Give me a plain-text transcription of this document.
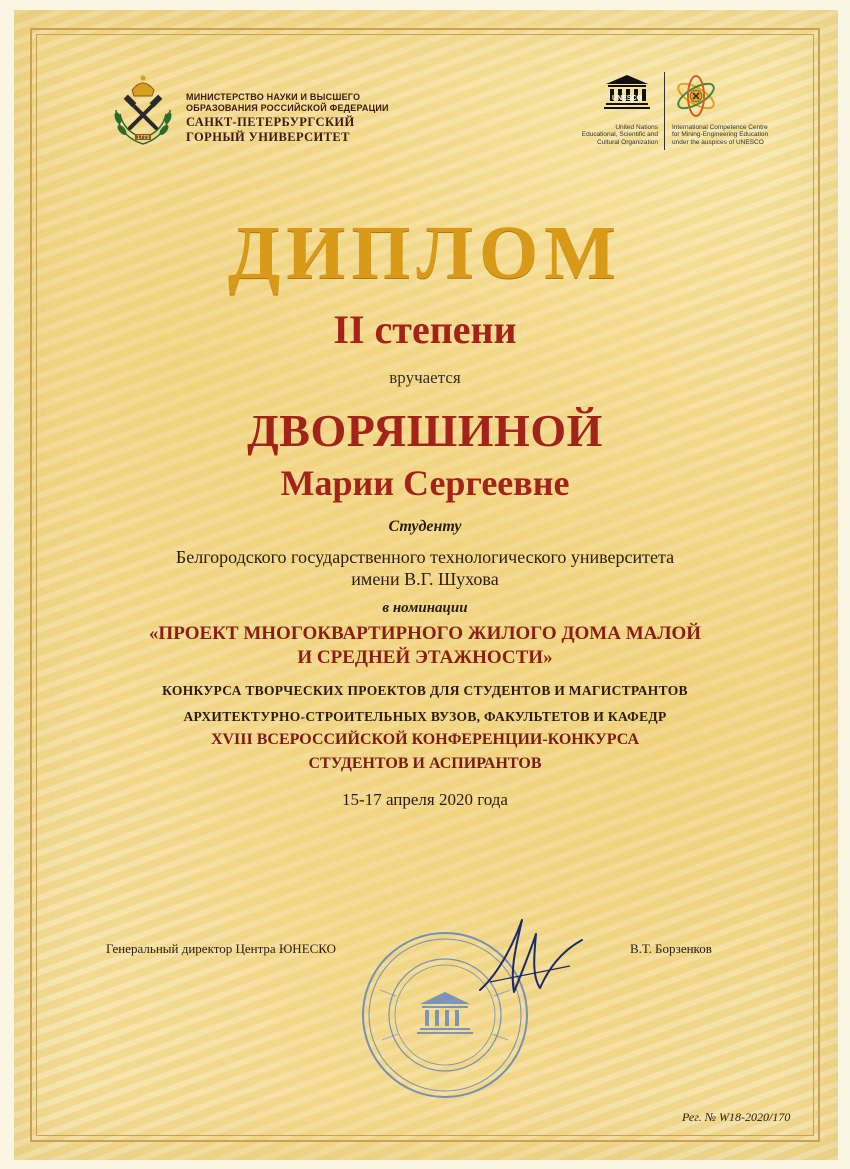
1773
МИНИСТЕРСТВО НАУКИ И ВЫСШЕГО
ОБРАЗОВАНИЯ РОССИЙСКОЙ ФЕДЕРАЦИИ
САНКТ-ПЕТЕРБУРГСКИЙ
ГОРНЫЙ УНИВЕРСИТЕТ
UNESCO
United Nations
Educational, Scientific and
Cultural Organization
International Competence Centre
for Mining-Engineering Education
under the auspices of UNESCO
ДИПЛОМ
II степени
вручается
ДВОРЯШИНОЙ
Марии Сергеевне
Студенту
Белгородского государственного технологического университета
имени В.Г. Шухова
в номинации
«ПРОЕКТ МНОГОКВАРТИРНОГО ЖИЛОГО ДОМА МАЛОЙ
И СРЕДНЕЙ ЭТАЖНОСТИ»
КОНКУРСА ТВОРЧЕСКИХ ПРОЕКТОВ ДЛЯ СТУДЕНТОВ И МАГИСТРАНТОВ
АРХИТЕКТУРНО-СТРОИТЕЛЬНЫХ ВУЗОВ, ФАКУЛЬТЕТОВ И КАФЕДР
XVIII ВСЕРОССИЙСКОЙ КОНФЕРЕНЦИИ-КОНКУРСА
СТУДЕНТОВ И АСПИРАНТОВ
15-17 апреля 2020 года
Генеральный директор Центра ЮНЕСКО	В.Т. Борзенков
Рег. № W18-2020/170
